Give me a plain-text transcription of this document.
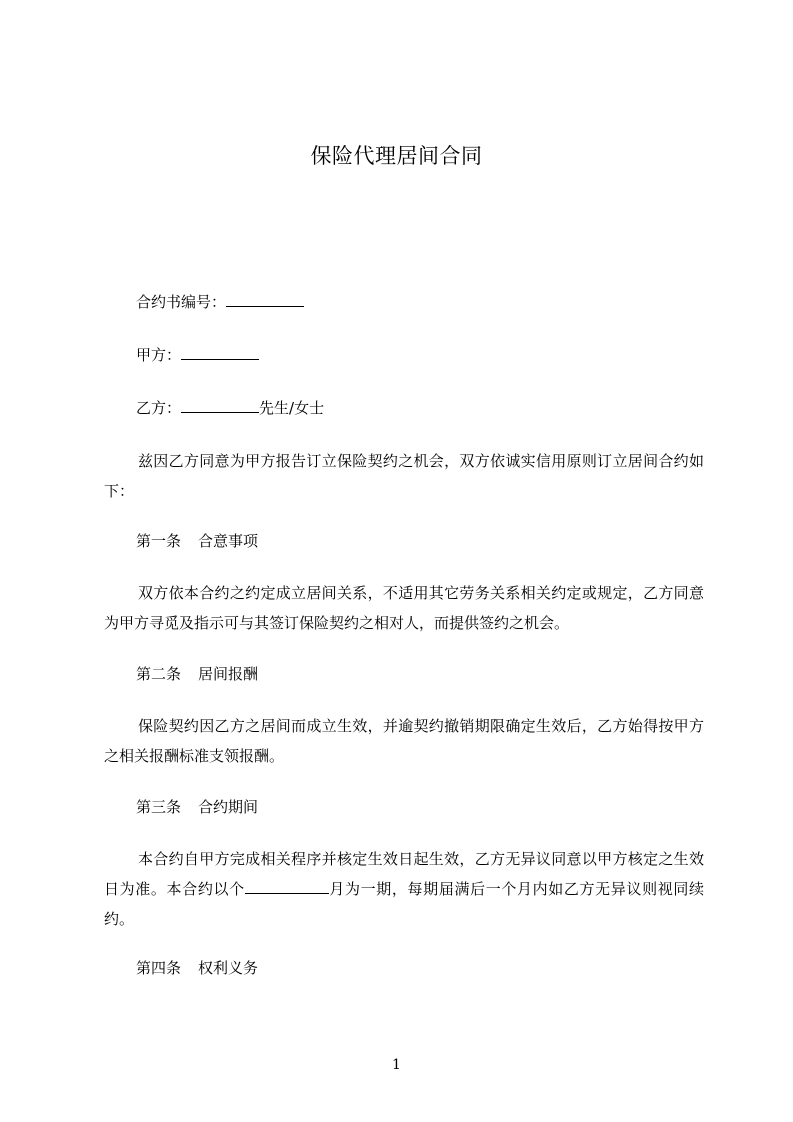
保险代理居间合同
合约书编号：
甲方：
乙方：	先生/女士
兹因乙方同意为甲方报告订立保险契约之机会，双方依诚实信用原则订立居间合约如下：
第一条 合意事项
双方依本合约之约定成立居间关系，不适用其它劳务关系相关约定或规定，乙方同意为甲方寻觅及指示可与其签订保险契约之相对人，而提供签约之机会。
第二条 居间报酬
保险契约因乙方之居间而成立生效，并逾契约撤销期限确定生效后，乙方始得按甲方之相关报酬标准支领报酬。
第三条 合约期间
本合约自甲方完成相关程序并核定生效日起生效，乙方无异议同意以甲方核定之生效日为准。本合约以个	月为一期，每期届满后一个月内如乙方无异议则视同续约。
第四条 权利义务
1
